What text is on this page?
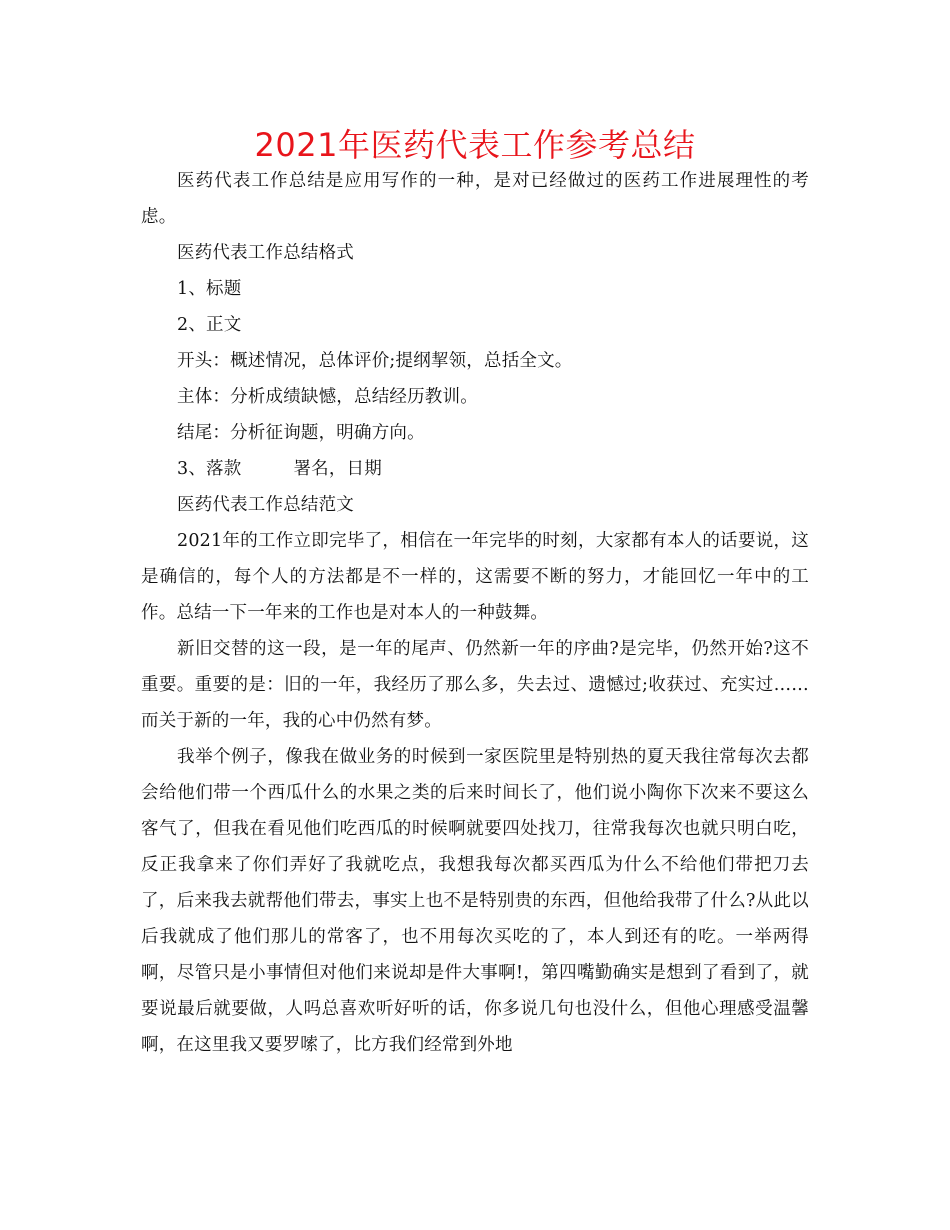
2021年医药代表工作参考总结

医药代表工作总结是应用写作的一种，是对已经做过的医药工作进展理性的考虑。

医药代表工作总结格式

1、标题

2、正文

开头：概述情况，总体评价;提纲挈领，总括全文。

主体：分析成绩缺憾，总结经历教训。

结尾：分析征询题，明确方向。

3、落款	署名，日期

医药代表工作总结范文

2021年的工作立即完毕了，相信在一年完毕的时刻，大家都有本人的话要说，这是确信的，每个人的方法都是不一样的，这需要不断的努力，才能回忆一年中的工作。总结一下一年来的工作也是对本人的一种鼓舞。

新旧交替的这一段，是一年的尾声、仍然新一年的序曲?是完毕，仍然开始?这不重要。重要的是：旧的一年，我经历了那么多，失去过、遗憾过;收获过、充实过……而关于新的一年，我的心中仍然有梦。

我举个例子，像我在做业务的时候到一家医院里是特别热的夏天我往常每次去都会给他们带一个西瓜什么的水果之类的后来时间长了，他们说小陶你下次来不要这么客气了，但我在看见他们吃西瓜的时候啊就要四处找刀，往常我每次也就只明白吃，反正我拿来了你们弄好了我就吃点，我想我每次都买西瓜为什么不给他们带把刀去了，后来我去就帮他们带去，事实上也不是特别贵的东西，但他给我带了什么?从此以后我就成了他们那儿的常客了，也不用每次买吃的了，本人到还有的吃。一举两得啊，尽管只是小事情但对他们来说却是件大事啊!，第四嘴勤确实是想到了看到了，就要说最后就要做，人吗总喜欢听好听的话，你多说几句也没什么，但他心理感受温馨啊，在这里我又要罗嗦了，比方我们经常到外地
